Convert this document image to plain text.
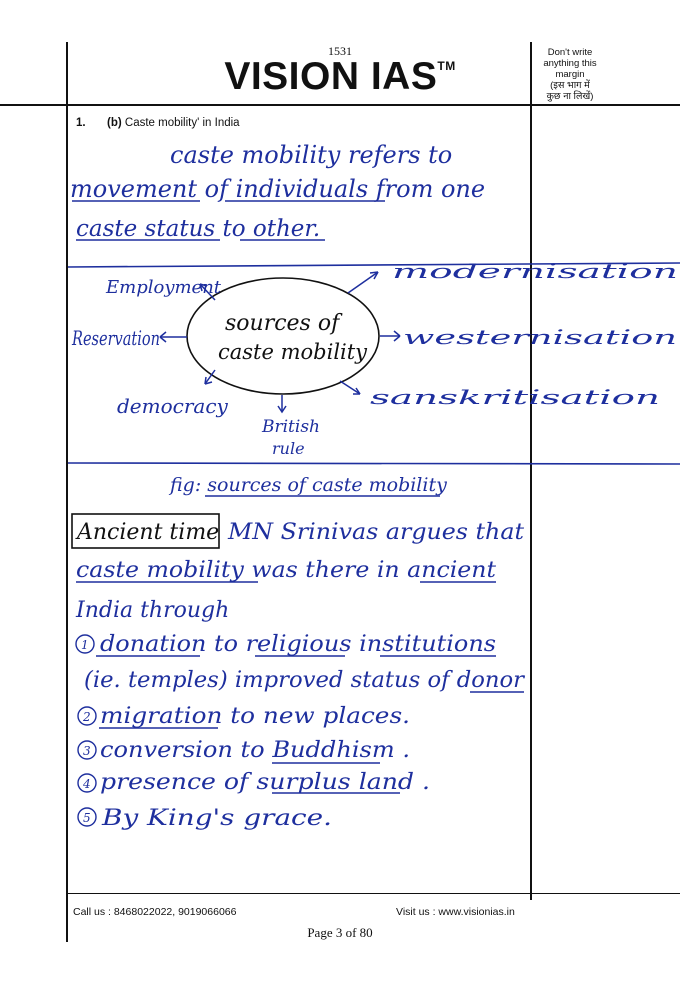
1531
VISION IAS™
Don't write
anything this
margin
(इस भाग में
कुछ ना लिखें)
1. (b) Caste mobility' in India
caste mobility refers to
movement of individuals from one
caste status to other.
sources of
caste mobility
Employment
modernisation
Reservation	westernisation
democracy
British
rule
sanskritisation
fig: sources of caste mobility
Ancient time MN Srinivas argues that
caste mobility was there in ancient
India through
1
2
3
4
5
donation to religious institutions
(ie. temples) improved status of donor
migration to new places.
conversion to Buddhism .
presence of surplus land .
By King's grace.
Call us : 8468022022, 9019066066	Visit us : www.visionias.in
Page 3 of 80
